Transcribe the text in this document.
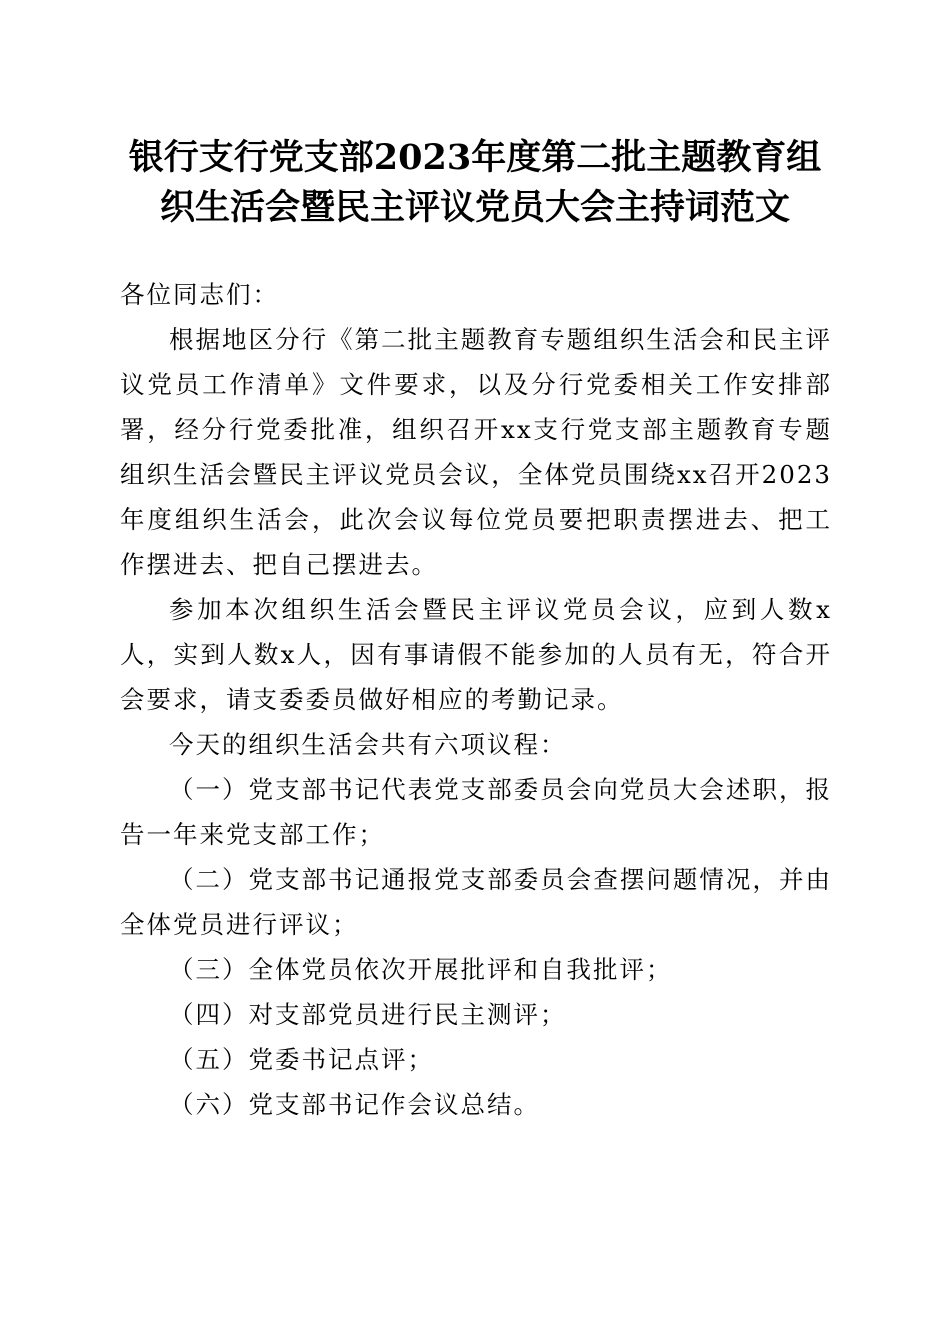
银行支行党支部2023年度第二批主题教育组
织生活会暨民主评议党员大会主持词范文

各位同志们：

根据地区分行《第二批主题教育专题组织生活会和民主评议党员工作清单》文件要求，以及分行党委相关工作安排部署，经分行党委批准，组织召开xx支行党支部主题教育专题组织生活会暨民主评议党员会议，全体党员围绕xx召开2023年度组织生活会，此次会议每位党员要把职责摆进去、把工作摆进去、把自己摆进去。

参加本次组织生活会暨民主评议党员会议，应到人数x人，实到人数x人，因有事请假不能参加的人员有无，符合开会要求，请支委委员做好相应的考勤记录。

今天的组织生活会共有六项议程：

（一）党支部书记代表党支部委员会向党员大会述职，报告一年来党支部工作；

（二）党支部书记通报党支部委员会查摆问题情况，并由全体党员进行评议；

（三）全体党员依次开展批评和自我批评；

（四）对支部党员进行民主测评；

（五）党委书记点评；

（六）党支部书记作会议总结。
